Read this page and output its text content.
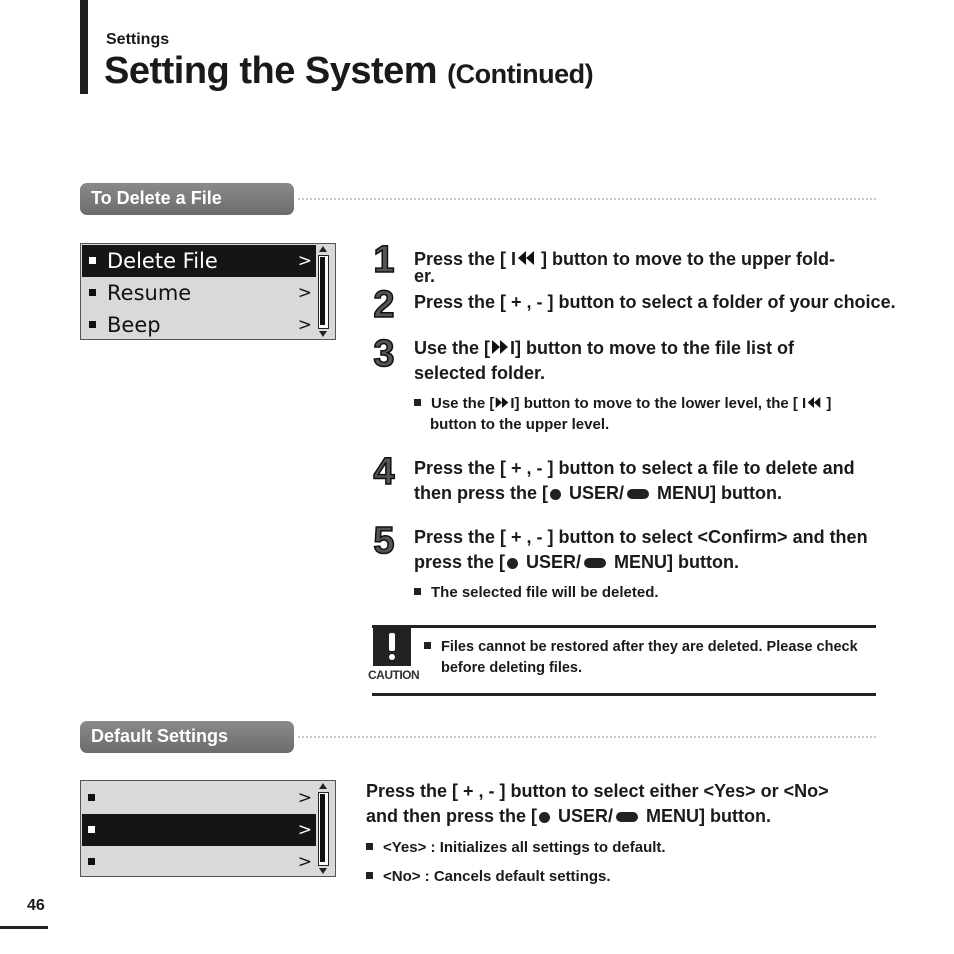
Settings
Setting the System (Continued)
To Delete a File
Delete File	>
Resume	>
Beep	>
1
2
3
4
5
Press the [ I ] button to move to the upper fold-
er.
Press the [ + , - ] button to select a folder of your choice.
Use the [ I] button to move to the file list of
selected folder.
Use the [ I] button to move to the lower level, the [ I ]
button to the upper level.
Press the [ + , - ] button to select a file to delete and
then press the [ USER/ MENU] button.
Press the [ + , - ] button to select <Confirm> and then
press the [ USER/ MENU] button.
The selected file will be deleted.
CAUTION
Files cannot be restored after they are deleted. Please check
before deleting files.
Default Settings
>
>
>
Press the [ + , - ] button to select either <Yes> or <No>
and then press the [ USER/ MENU] button.
<Yes> : Initializes all settings to default.
<No> : Cancels default settings.
46
